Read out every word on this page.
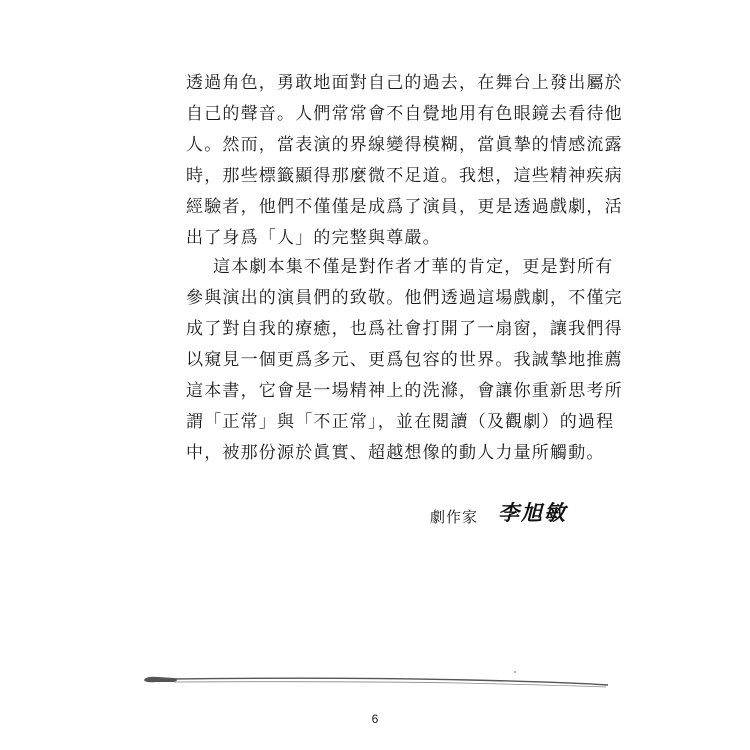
透過角色，勇敢地面對自己的過去，在舞台上發出屬於
自己的聲音。人們常常會不自覺地用有色眼鏡去看待他
人。然而，當表演的界線變得模糊，當眞摯的情感流露
時，那些標籤顯得那麼微不足道。我想，這些精神疾病
經驗者，他們不僅僅是成爲了演員，更是透過戲劇，活
出了身爲「人」的完整與尊嚴。
這本劇本集不僅是對作者才華的肯定，更是對所有
參與演出的演員們的致敬。他們透過這場戲劇，不僅完
成了對自我的療癒，也爲社會打開了一扇窗，讓我們得
以窺見一個更爲多元、更爲包容的世界。我誠摯地推薦
這本書，它會是一場精神上的洗滌，會讓你重新思考所
謂「正常」與「不正常」，並在閱讀（及觀劇）的過程
中，被那份源於眞實、超越想像的動人力量所觸動。
劇作家 李旭敏
6
